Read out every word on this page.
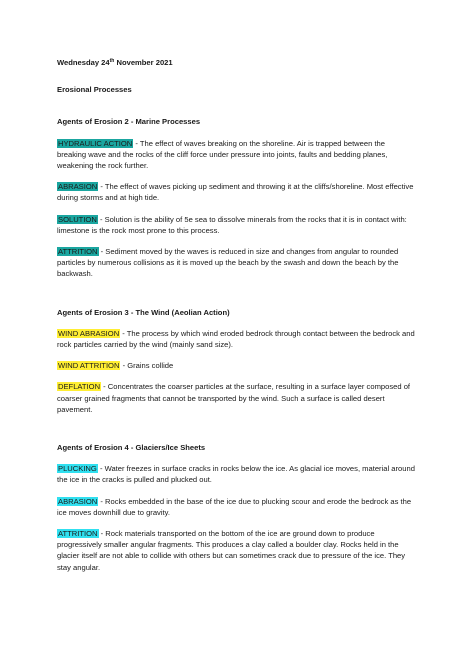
Wednesday 24th November 2021

Erosional Processes

Agents of Erosion 2 - Marine Processes

HYDRAULIC ACTION - The effect of waves breaking on the shoreline. Air is trapped between the breaking wave and the rocks of the cliff force under pressure into joints, faults and bedding planes, weakening the rock further.

ABRASION - The effect of waves picking up sediment and throwing it at the cliffs/shoreline. Most effective during storms and at high tide.

SOLUTION - Solution is the ability of 5e sea to dissolve minerals from the rocks that it is in contact with: limestone is the rock most prone to this process.

ATTRITION - Sediment moved by the waves is reduced in size and changes from angular to rounded particles by numerous collisions as it is moved up the beach by the swash and down the beach by the backwash.

Agents of Erosion 3 - The Wind (Aeolian Action)

WIND ABRASION - The process by which wind eroded bedrock through contact between the bedrock and rock particles carried by the wind (mainly sand size).

WIND ATTRITION - Grains collide

DEFLATION - Concentrates the coarser particles at the surface, resulting in a surface layer composed of coarser grained fragments that cannot be transported by the wind. Such a surface is called desert pavement.

Agents of Erosion 4 - Glaciers/Ice Sheets

PLUCKING - Water freezes in surface cracks in rocks below the ice. As glacial ice moves, material around the ice in the cracks is pulled and plucked out.

ABRASION - Rocks embedded in the base of the ice due to plucking scour and erode the bedrock as the ice moves downhill due to gravity.

ATTRITION - Rock materials transported on the bottom of the ice are ground down to produce progressively smaller angular fragments. This produces a clay called a boulder clay. Rocks held in the glacier itself are not able to collide with others but can sometimes crack due to pressure of the ice. They stay angular.
